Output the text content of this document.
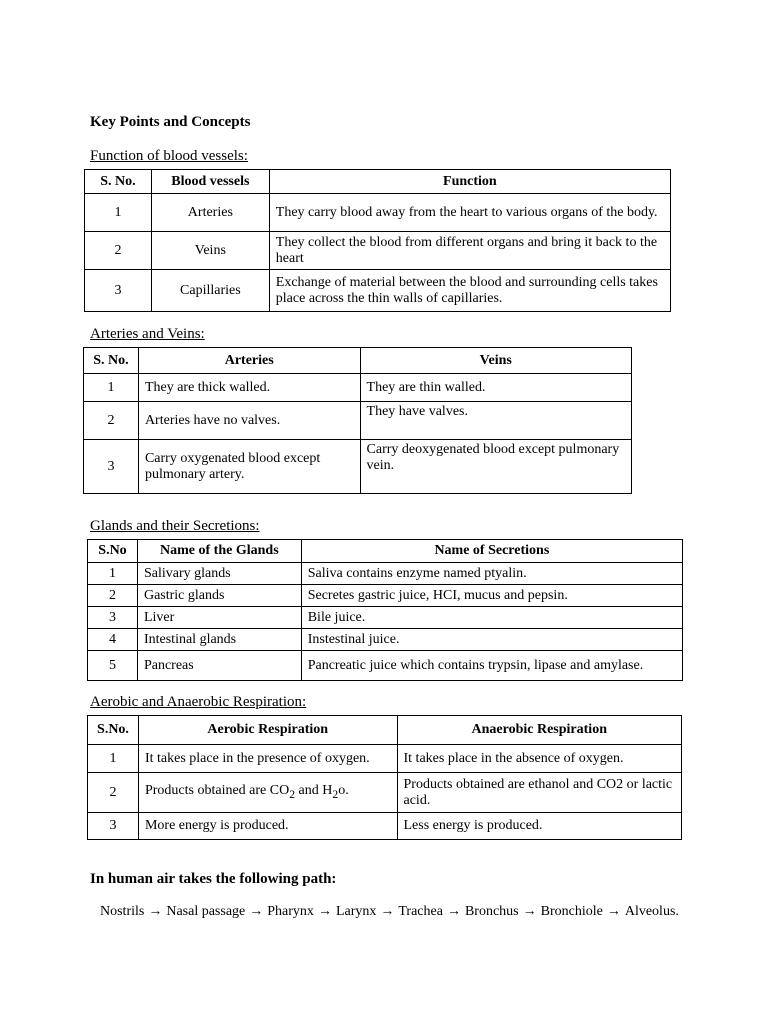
Key Points and Concepts
Function of blood vessels:
S. No.	Blood vessels	Function
1	Arteries	They carry blood away from the heart to various organs of the body.
2	Veins	They collect the blood from different organs and bring it back to the heart
3	Capillaries	Exchange of material between the blood and surrounding cells takes place across the thin walls of capillaries.
Arteries and Veins:
S. No.	Arteries	Veins
1	They are thick walled.	They are thin walled.
2	Arteries have no valves.	They have valves.
3	Carry oxygenated blood except pulmonary artery.	Carry deoxygenated blood except pulmonary vein.
Glands and their Secretions:
S.No	Name of the Glands	Name of Secretions
1	Salivary glands	Saliva contains enzyme named ptyalin.
2	Gastric glands	Secretes gastric juice, HCI, mucus and pepsin.
3	Liver	Bile juice.
4	Intestinal glands	Instestinal juice.
5	Pancreas	Pancreatic juice which contains trypsin, lipase and amylase.
Aerobic and Anaerobic Respiration:
S.No.	Aerobic Respiration	Anaerobic Respiration
1	It takes place in the presence of oxygen.	It takes place in the absence of oxygen.
2	Products obtained are $CO_2$ and $H_2o$.	Products obtained are ethanol and CO2 or lactic acid.
3	More energy is produced.	Less energy is produced.
In human air takes the following path:
Nostrils → Nasal passage → Pharynx → Larynx → Trachea → Bronchus → Bronchiole → Alveolus.
